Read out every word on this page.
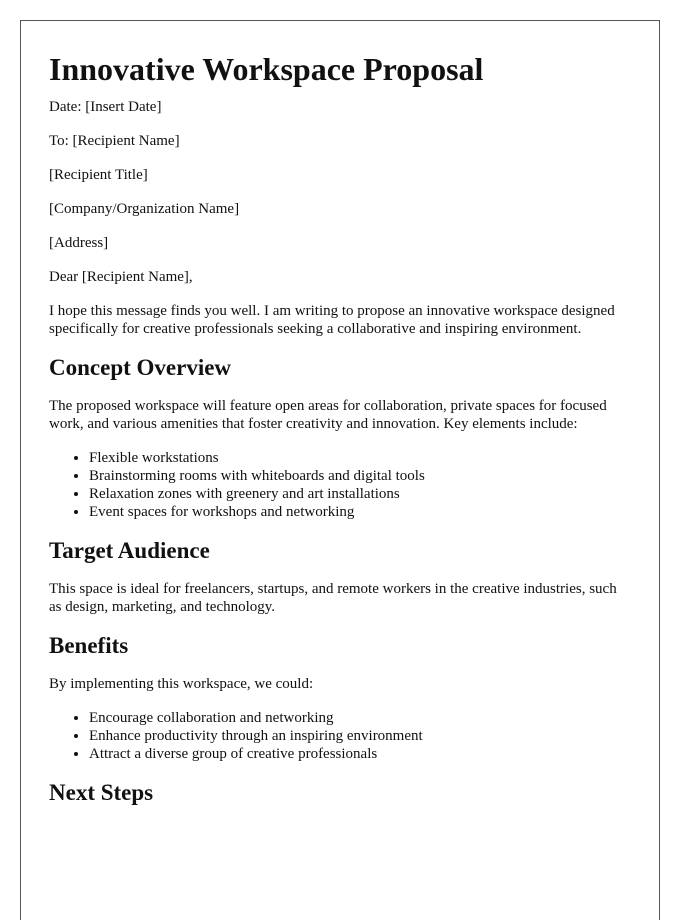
Innovative Workspace Proposal

Date: [Insert Date]

To: [Recipient Name]

[Recipient Title]

[Company/Organization Name]

[Address]

Dear [Recipient Name],

I hope this message finds you well. I am writing to propose an innovative workspace designed specifically for creative professionals seeking a collaborative and inspiring environment.

Concept Overview

The proposed workspace will feature open areas for collaboration, private spaces for focused work, and various amenities that foster creativity and innovation. Key elements include:

• Flexible workstations
• Brainstorming rooms with whiteboards and digital tools
• Relaxation zones with greenery and art installations
• Event spaces for workshops and networking
Target Audience

This space is ideal for freelancers, startups, and remote workers in the creative industries, such as design, marketing, and technology.

Benefits

By implementing this workspace, we could:

• Encourage collaboration and networking
• Enhance productivity through an inspiring environment
• Attract a diverse group of creative professionals
Next Steps
